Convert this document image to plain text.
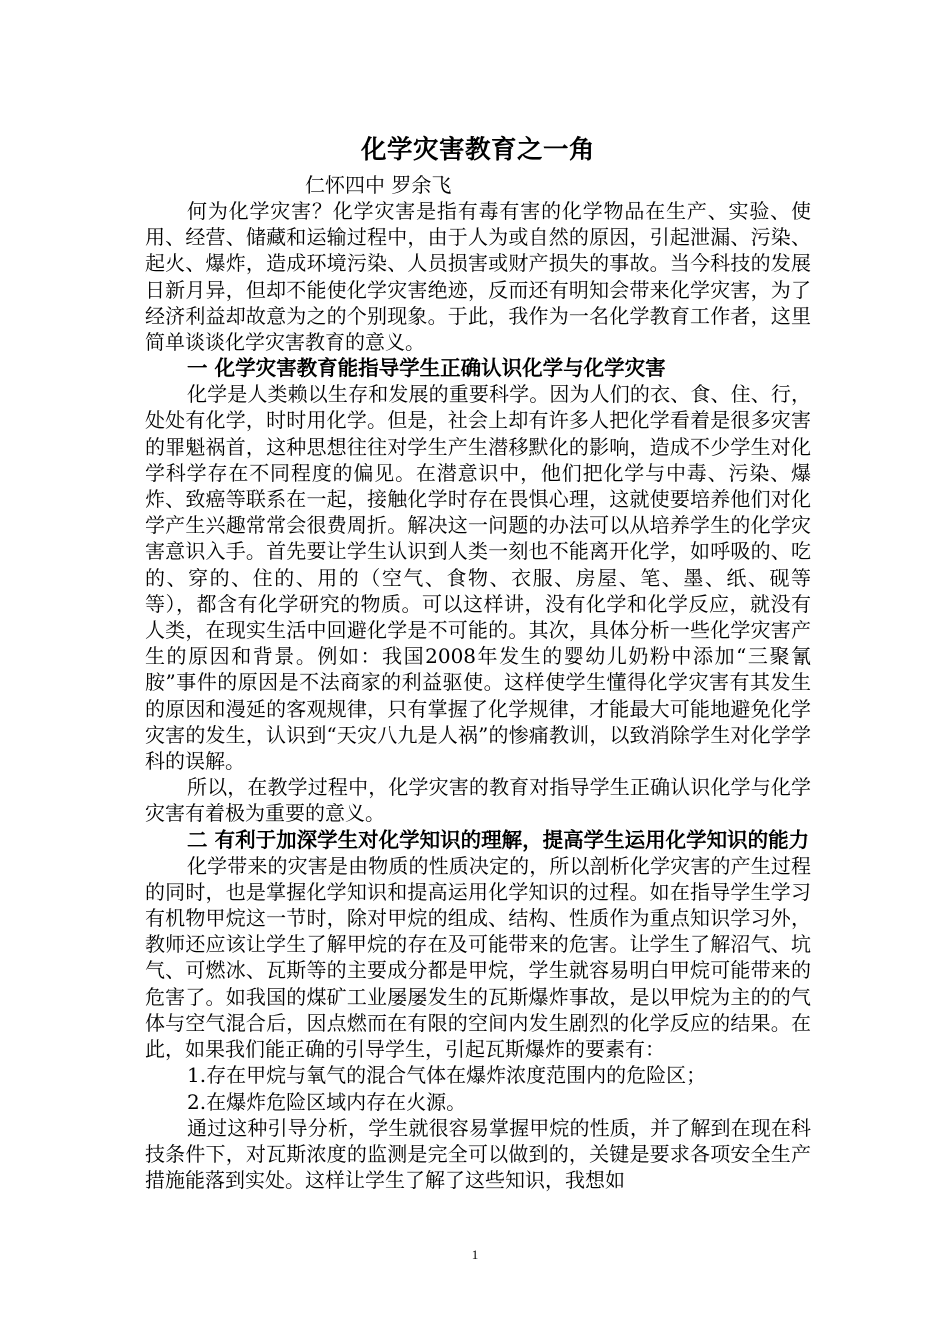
化学灾害教育之一角

仁怀四中 罗余飞

何为化学灾害？化学灾害是指有毒有害的化学物品在生产、实验、使用、经营、储藏和运输过程中，由于人为或自然的原因，引起泄漏、污染、起火、爆炸，造成环境污染、人员损害或财产损失的事故。当今科技的发展日新月异，但却不能使化学灾害绝迹，反而还有明知会带来化学灾害，为了经济利益却故意为之的个别现象。于此，我作为一名化学教育工作者，这里简单谈谈化学灾害教育的意义。

一 化学灾害教育能指导学生正确认识化学与化学灾害

化学是人类赖以生存和发展的重要科学。因为人们的衣、食、住、行，处处有化学，时时用化学。但是，社会上却有许多人把化学看着是很多灾害的罪魁祸首，这种思想往往对学生产生潜移默化的影响，造成不少学生对化学科学存在不同程度的偏见。在潜意识中，他们把化学与中毒、污染、爆炸、致癌等联系在一起，接触化学时存在畏惧心理，这就使要培养他们对化学产生兴趣常常会很费周折。解决这一问题的办法可以从培养学生的化学灾害意识入手。首先要让学生认识到人类一刻也不能离开化学，如呼吸的、吃的、穿的、住的、用的（空气、食物、衣服、房屋、笔、墨、纸、砚等等），都含有化学研究的物质。可以这样讲，没有化学和化学反应，就没有人类，在现实生活中回避化学是不可能的。其次，具体分析一些化学灾害产生的原因和背景。例如：我国2008年发生的婴幼儿奶粉中添加“三聚氰胺”事件的原因是不法商家的利益驱使。这样使学生懂得化学灾害有其发生的原因和漫延的客观规律，只有掌握了化学规律，才能最大可能地避免化学灾害的发生，认识到“天灾八九是人祸”的惨痛教训，以致消除学生对化学学科的误解。

所以，在教学过程中，化学灾害的教育对指导学生正确认识化学与化学灾害有着极为重要的意义。

二 有利于加深学生对化学知识的理解，提高学生运用化学知识的能力

化学带来的灾害是由物质的性质决定的，所以剖析化学灾害的产生过程的同时，也是掌握化学知识和提高运用化学知识的过程。如在指导学生学习有机物甲烷这一节时，除对甲烷的组成、结构、性质作为重点知识学习外，教师还应该让学生了解甲烷的存在及可能带来的危害。让学生了解沼气、坑气、可燃冰、瓦斯等的主要成分都是甲烷，学生就容易明白甲烷可能带来的危害了。如我国的煤矿工业屡屡发生的瓦斯爆炸事故，是以甲烷为主的的气体与空气混合后，因点燃而在有限的空间内发生剧烈的化学反应的结果。在此，如果我们能正确的引导学生，引起瓦斯爆炸的要素有：

1.存在甲烷与氧气的混合气体在爆炸浓度范围内的危险区；

2.在爆炸危险区域内存在火源。

通过这种引导分析，学生就很容易掌握甲烷的性质，并了解到在现在科技条件下，对瓦斯浓度的监测是完全可以做到的，关键是要求各项安全生产措施能落到实处。这样让学生了解了这些知识，我想如

1
